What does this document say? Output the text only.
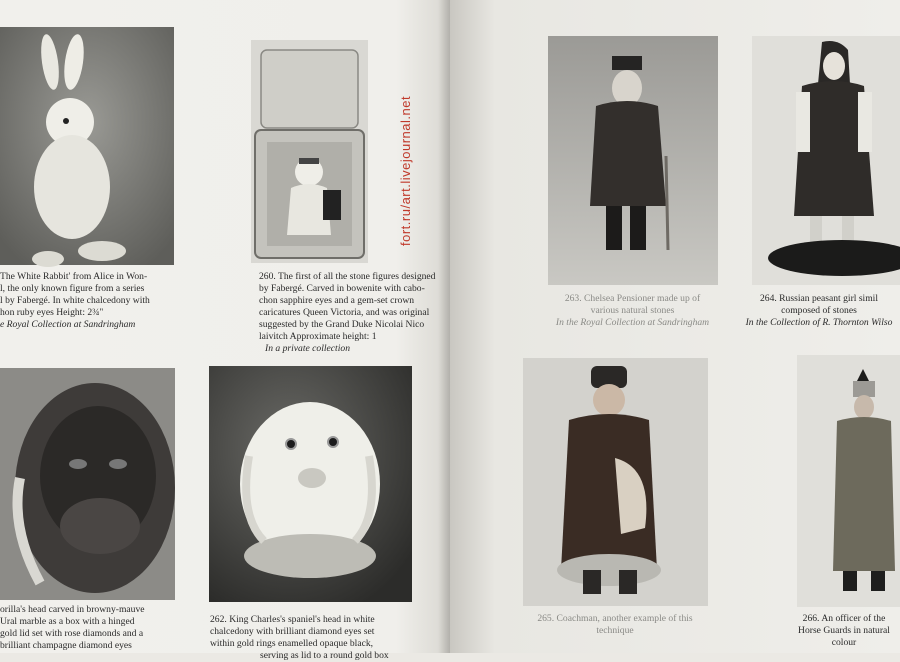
The White Rabbit' from Alice in Won-
l, the only known figure from a series
l by Fabergé. In white chalcedony with
hon ruby eyes Height: 2¾"
e Royal Collection at Sandringham
260. The first of all the stone figures designed
by Fabergé. Carved in bowenite with cabo-
chon sapphire eyes and a gem-set crown
caricatures Queen Victoria, and was original
suggested by the Grand Duke Nicolai Nico
laivitch Approximate height: 1
In a private collection
orilla's head carved in browny-mauve
Ural marble as a box with a hinged
gold lid set with rose diamonds and a
brilliant champagne diamond eyes
262. King Charles's spaniel's head in white
chalcedony with brilliant diamond eyes set
within gold rings enamelled opaque black,
serving as lid to a round gold box
fort.ru/art.livejournal.net
263. Chelsea Pensioner made up of
various natural stones
In the Royal Collection at Sandringham
264. Russian peasant girl simil
composed of stones
In the Collection of R. Thornton Wilso
265. Coachman, another example of this
technique
266. An officer of the
Horse Guards in natural
colour
